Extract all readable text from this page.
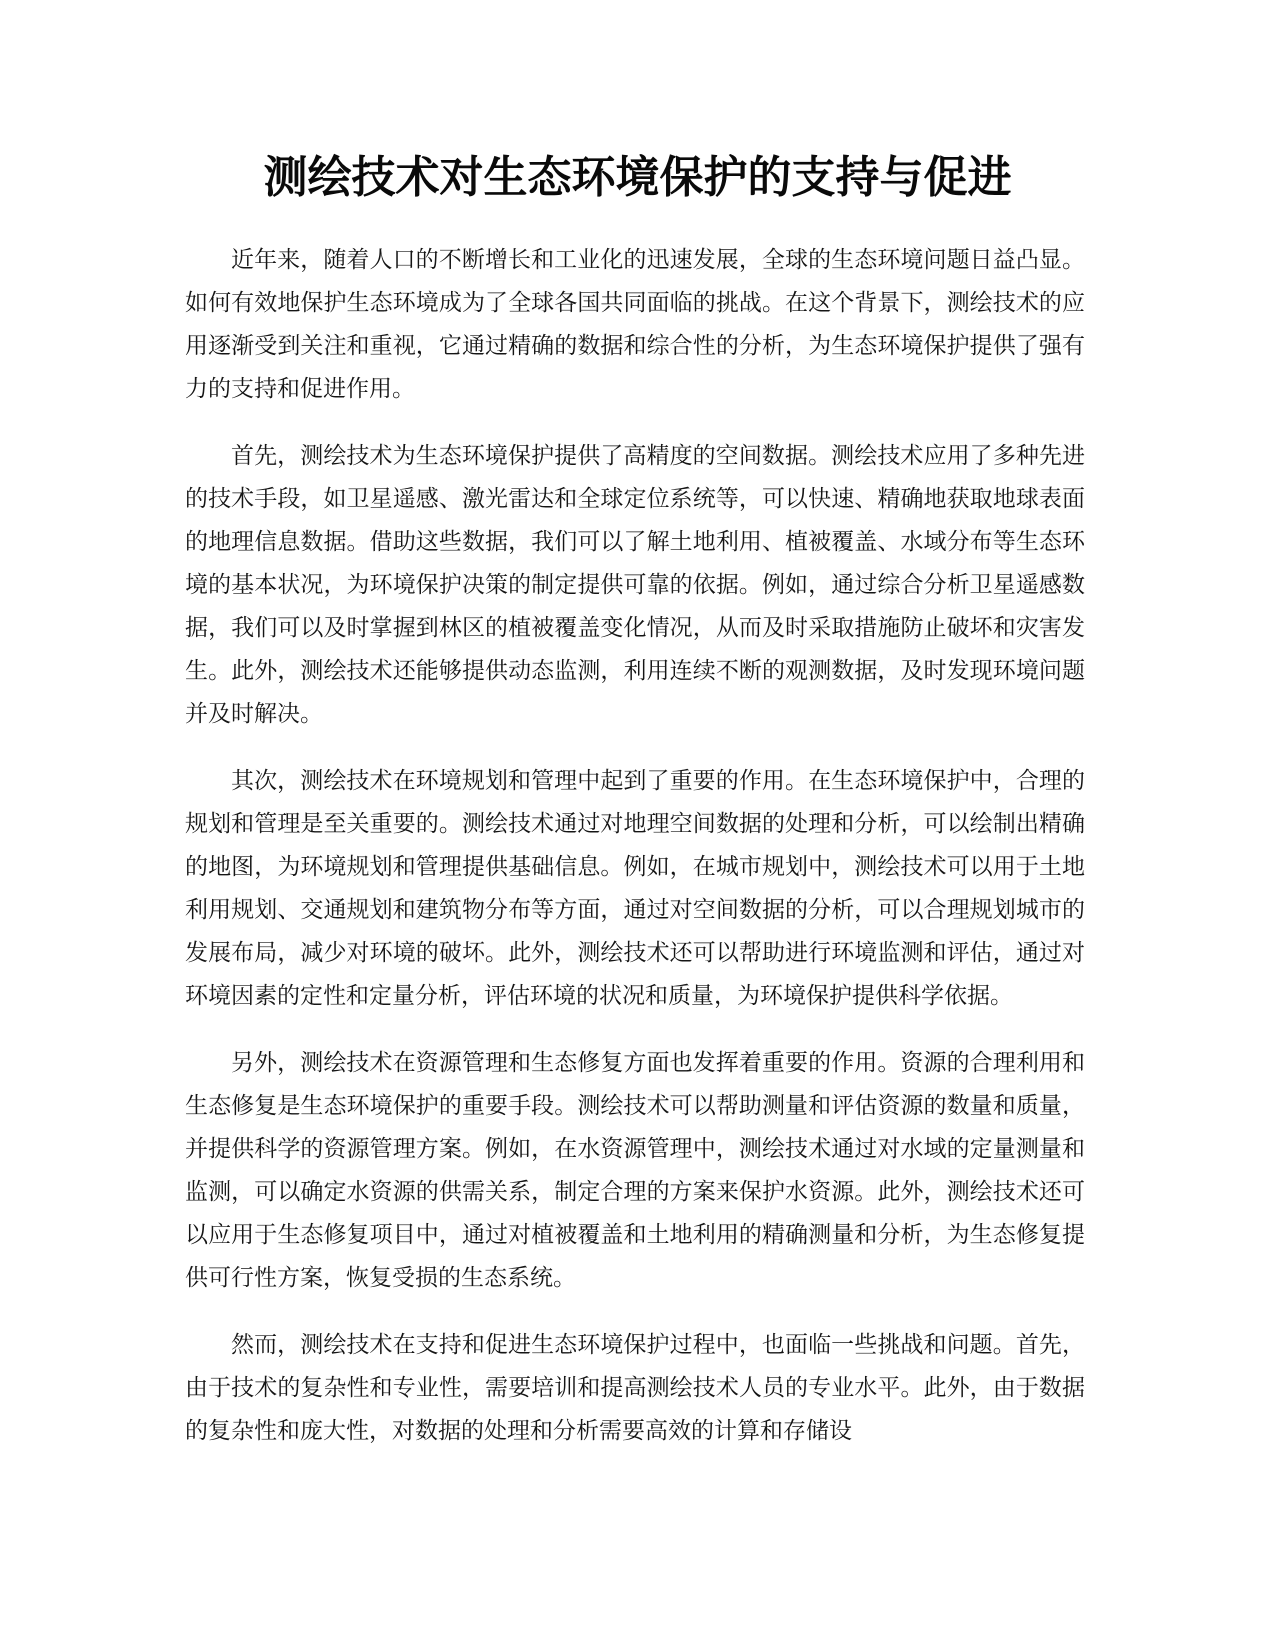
测绘技术对生态环境保护的支持与促进

近年来，随着人口的不断增长和工业化的迅速发展，全球的生态环境问题日益凸显。如何有效地保护生态环境成为了全球各国共同面临的挑战。在这个背景下，测绘技术的应用逐渐受到关注和重视，它通过精确的数据和综合性的分析，为生态环境保护提供了强有力的支持和促进作用。

首先，测绘技术为生态环境保护提供了高精度的空间数据。测绘技术应用了多种先进的技术手段，如卫星遥感、激光雷达和全球定位系统等，可以快速、精确地获取地球表面的地理信息数据。借助这些数据，我们可以了解土地利用、植被覆盖、水域分布等生态环境的基本状况，为环境保护决策的制定提供可靠的依据。例如，通过综合分析卫星遥感数据，我们可以及时掌握到林区的植被覆盖变化情况，从而及时采取措施防止破坏和灾害发生。此外，测绘技术还能够提供动态监测，利用连续不断的观测数据，及时发现环境问题并及时解决。

其次，测绘技术在环境规划和管理中起到了重要的作用。在生态环境保护中，合理的规划和管理是至关重要的。测绘技术通过对地理空间数据的处理和分析，可以绘制出精确的地图，为环境规划和管理提供基础信息。例如，在城市规划中，测绘技术可以用于土地利用规划、交通规划和建筑物分布等方面，通过对空间数据的分析，可以合理规划城市的发展布局，减少对环境的破坏。此外，测绘技术还可以帮助进行环境监测和评估，通过对环境因素的定性和定量分析，评估环境的状况和质量，为环境保护提供科学依据。

另外，测绘技术在资源管理和生态修复方面也发挥着重要的作用。资源的合理利用和生态修复是生态环境保护的重要手段。测绘技术可以帮助测量和评估资源的数量和质量，并提供科学的资源管理方案。例如，在水资源管理中，测绘技术通过对水域的定量测量和监测，可以确定水资源的供需关系，制定合理的方案来保护水资源。此外，测绘技术还可以应用于生态修复项目中，通过对植被覆盖和土地利用的精确测量和分析，为生态修复提供可行性方案，恢复受损的生态系统。

然而，测绘技术在支持和促进生态环境保护过程中，也面临一些挑战和问题。首先，由于技术的复杂性和专业性，需要培训和提高测绘技术人员的专业水平。此外，由于数据的复杂性和庞大性，对数据的处理和分析需要高效的计算和存储设
